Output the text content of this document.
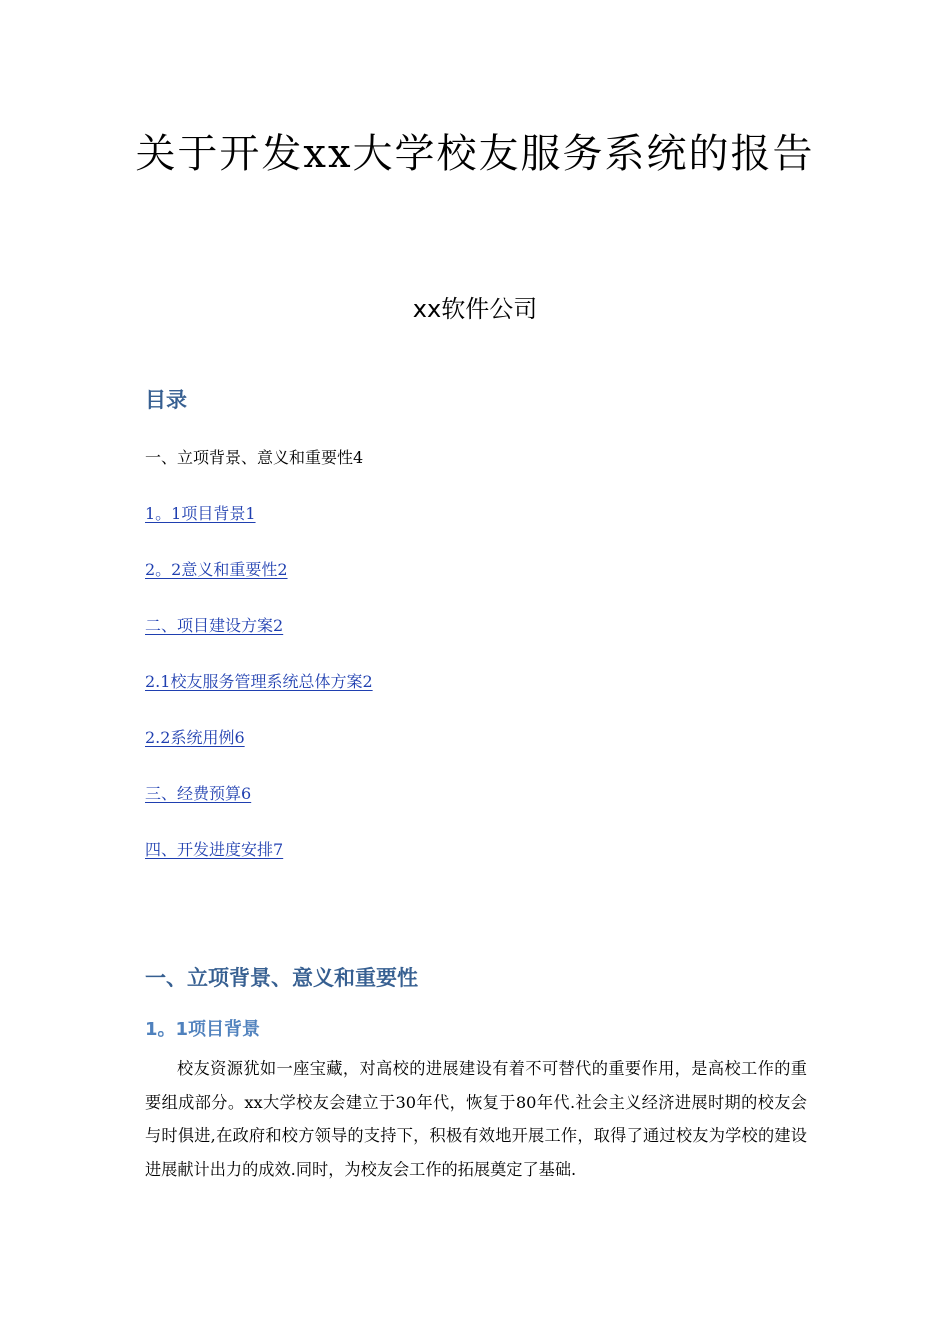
关于开发xx大学校友服务系统的报告

xx软件公司

目录
一、立项背景、意义和重要性4
1。1项目背景1
2。2意义和重要性2
二、项目建设方案2
2.1校友服务管理系统总体方案2
2.2系统用例6
三、经费预算6
四、开发进度安排7
一、立项背景、意义和重要性
1。1项目背景

校友资源犹如一座宝藏，对高校的进展建设有着不可替代的重要作用，是高校工作的重要组成部分。xx大学校友会建立于30年代，恢复于80年代.社会主义经济进展时期的校友会与时俱进,在政府和校方领导的支持下，积极有效地开展工作，取得了通过校友为学校的建设进展献计出力的成效.同时，为校友会工作的拓展奠定了基础.
